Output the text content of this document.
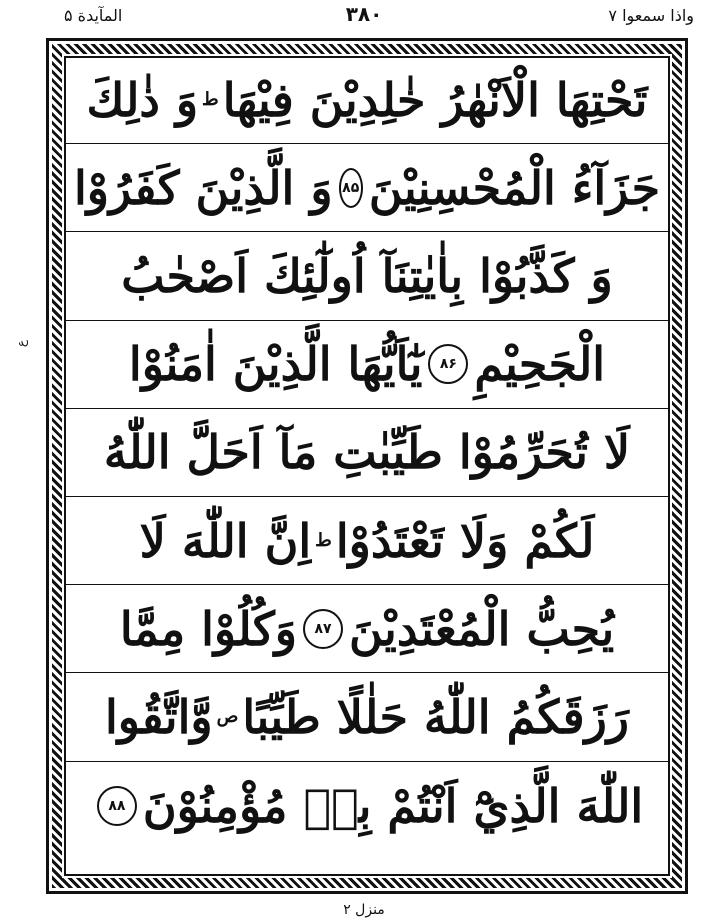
المآیدة ۵	۳۸۰	واذا سمعوا ۷
ع
تَحْتِهَا الْاَنْهٰرُ خٰلِدِيْنَ فِيْهَا
ط
وَ ذٰلِكَ
جَزَآءُ الْمُحْسِنِيْنَ
۸۵
وَ الَّذِيْنَ كَفَرُوْا
وَ كَذَّبُوْا بِاٰيٰتِنَآ اُولٰٓئِكَ اَصْحٰبُ
الْجَحِيْمِ
۸۶
يٰٓاَيُّهَا الَّذِيْنَ اٰمَنُوْا
لَا تُحَرِّمُوْا طَيِّبٰتِ مَآ اَحَلَّ اللّٰهُ
لَكُمْ وَلَا تَعْتَدُوْا
ط
اِنَّ اللّٰهَ لَا
يُحِبُّ الْمُعْتَدِيْنَ
۸۷
وَكُلُوْا مِمَّا
رَزَقَكُمُ اللّٰهُ حَلٰلًا طَيِّبًا
ص
وَّاتَّقُوا
اللّٰهَ الَّذِيْٓ اَنْتُمْ بِهٖ مُؤْمِنُوْنَ
۸۸
منزل ۲
